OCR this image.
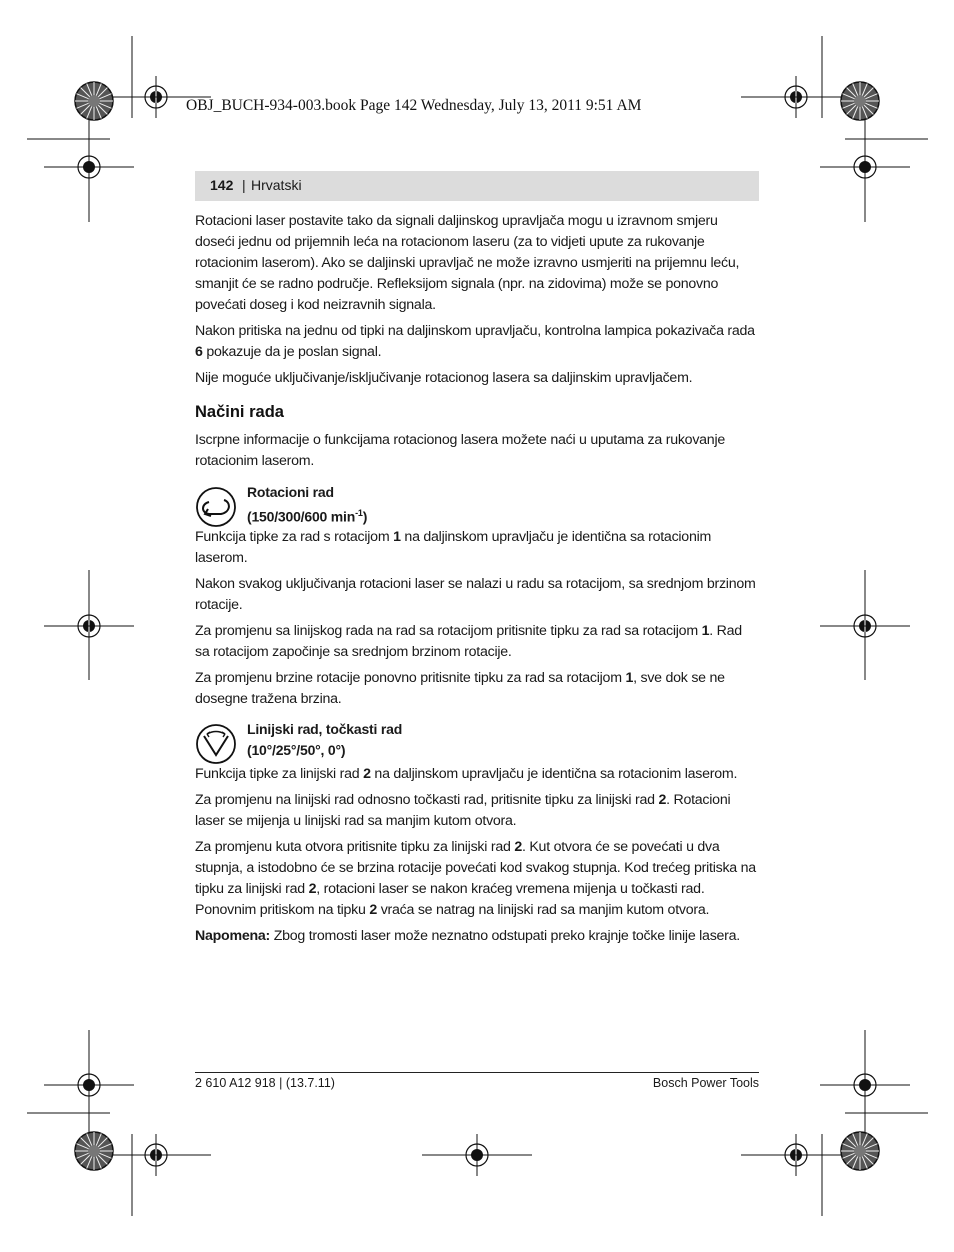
OBJ_BUCH-934-003.book Page 142 Wednesday, July 13, 2011 9:51 AM
142 | Hrvatski

Rotacioni laser postavite tako da signali daljinskog upravljača mogu u izravnom smjeru doseći jednu od prijemnih leća na rotacionom laseru (za to vidjeti upute za rukovanje rotacionim laserom). Ako se daljinski upravljač ne može izravno usmjeriti na prijemnu leću, smanjit će se radno područje. Refleksijom signala (npr. na zidovima) može se ponovno povećati doseg i kod neizravnih signala.

Nakon pritiska na jednu od tipki na daljinskom upravljaču, kontrolna lampica pokazivača rada 6 pokazuje da je poslan signal.

Nije moguće uključivanje/isključivanje rotacionog lasera sa daljinskim upravljačem.

Načini rada

Iscrpne informacije o funkcijama rotacionog lasera možete naći u uputama za rukovanje rotacionim laserom.

Rotacioni rad
(150/300/600 $\min^{-1}$)

Funkcija tipke za rad s rotacijom 1 na daljinskom upravljaču je identična sa rotacionim laserom.

Nakon svakog uključivanja rotacioni laser se nalazi u radu sa rotacijom, sa srednjom brzinom rotacije.

Za promjenu sa linijskog rada na rad sa rotacijom pritisnite tipku za rad sa rotacijom 1. Rad sa rotacijom započinje sa srednjom brzinom rotacije.

Za promjenu brzine rotacije ponovno pritisnite tipku za rad sa rotacijom 1, sve dok se ne dosegne tražena brzina.

Linijski rad, točkasti rad
(10°/25°/50°, 0°)

Funkcija tipke za linijski rad 2 na daljinskom upravljaču je identična sa rotacionim laserom.

Za promjenu na linijski rad odnosno točkasti rad, pritisnite tipku za linijski rad 2. Rotacioni laser se mijenja u linijski rad sa manjim kutom otvora.

Za promjenu kuta otvora pritisnite tipku za linijski rad 2. Kut otvora će se povećati u dva stupnja, a istodobno će se brzina rotacije povećati kod svakog stupnja. Kod trećeg pritiska na tipku za linijski rad 2, rotacioni laser se nakon kraćeg vremena mijenja u točkasti rad. Ponovnim pritiskom na tipku 2 vraća se natrag na linijski rad sa manjim kutom otvora.

Napomena: Zbog tromosti laser može neznatno odstupati preko krajnje točke linije lasera.

2 610 A12 918 | (13.7.11)	Bosch Power Tools
